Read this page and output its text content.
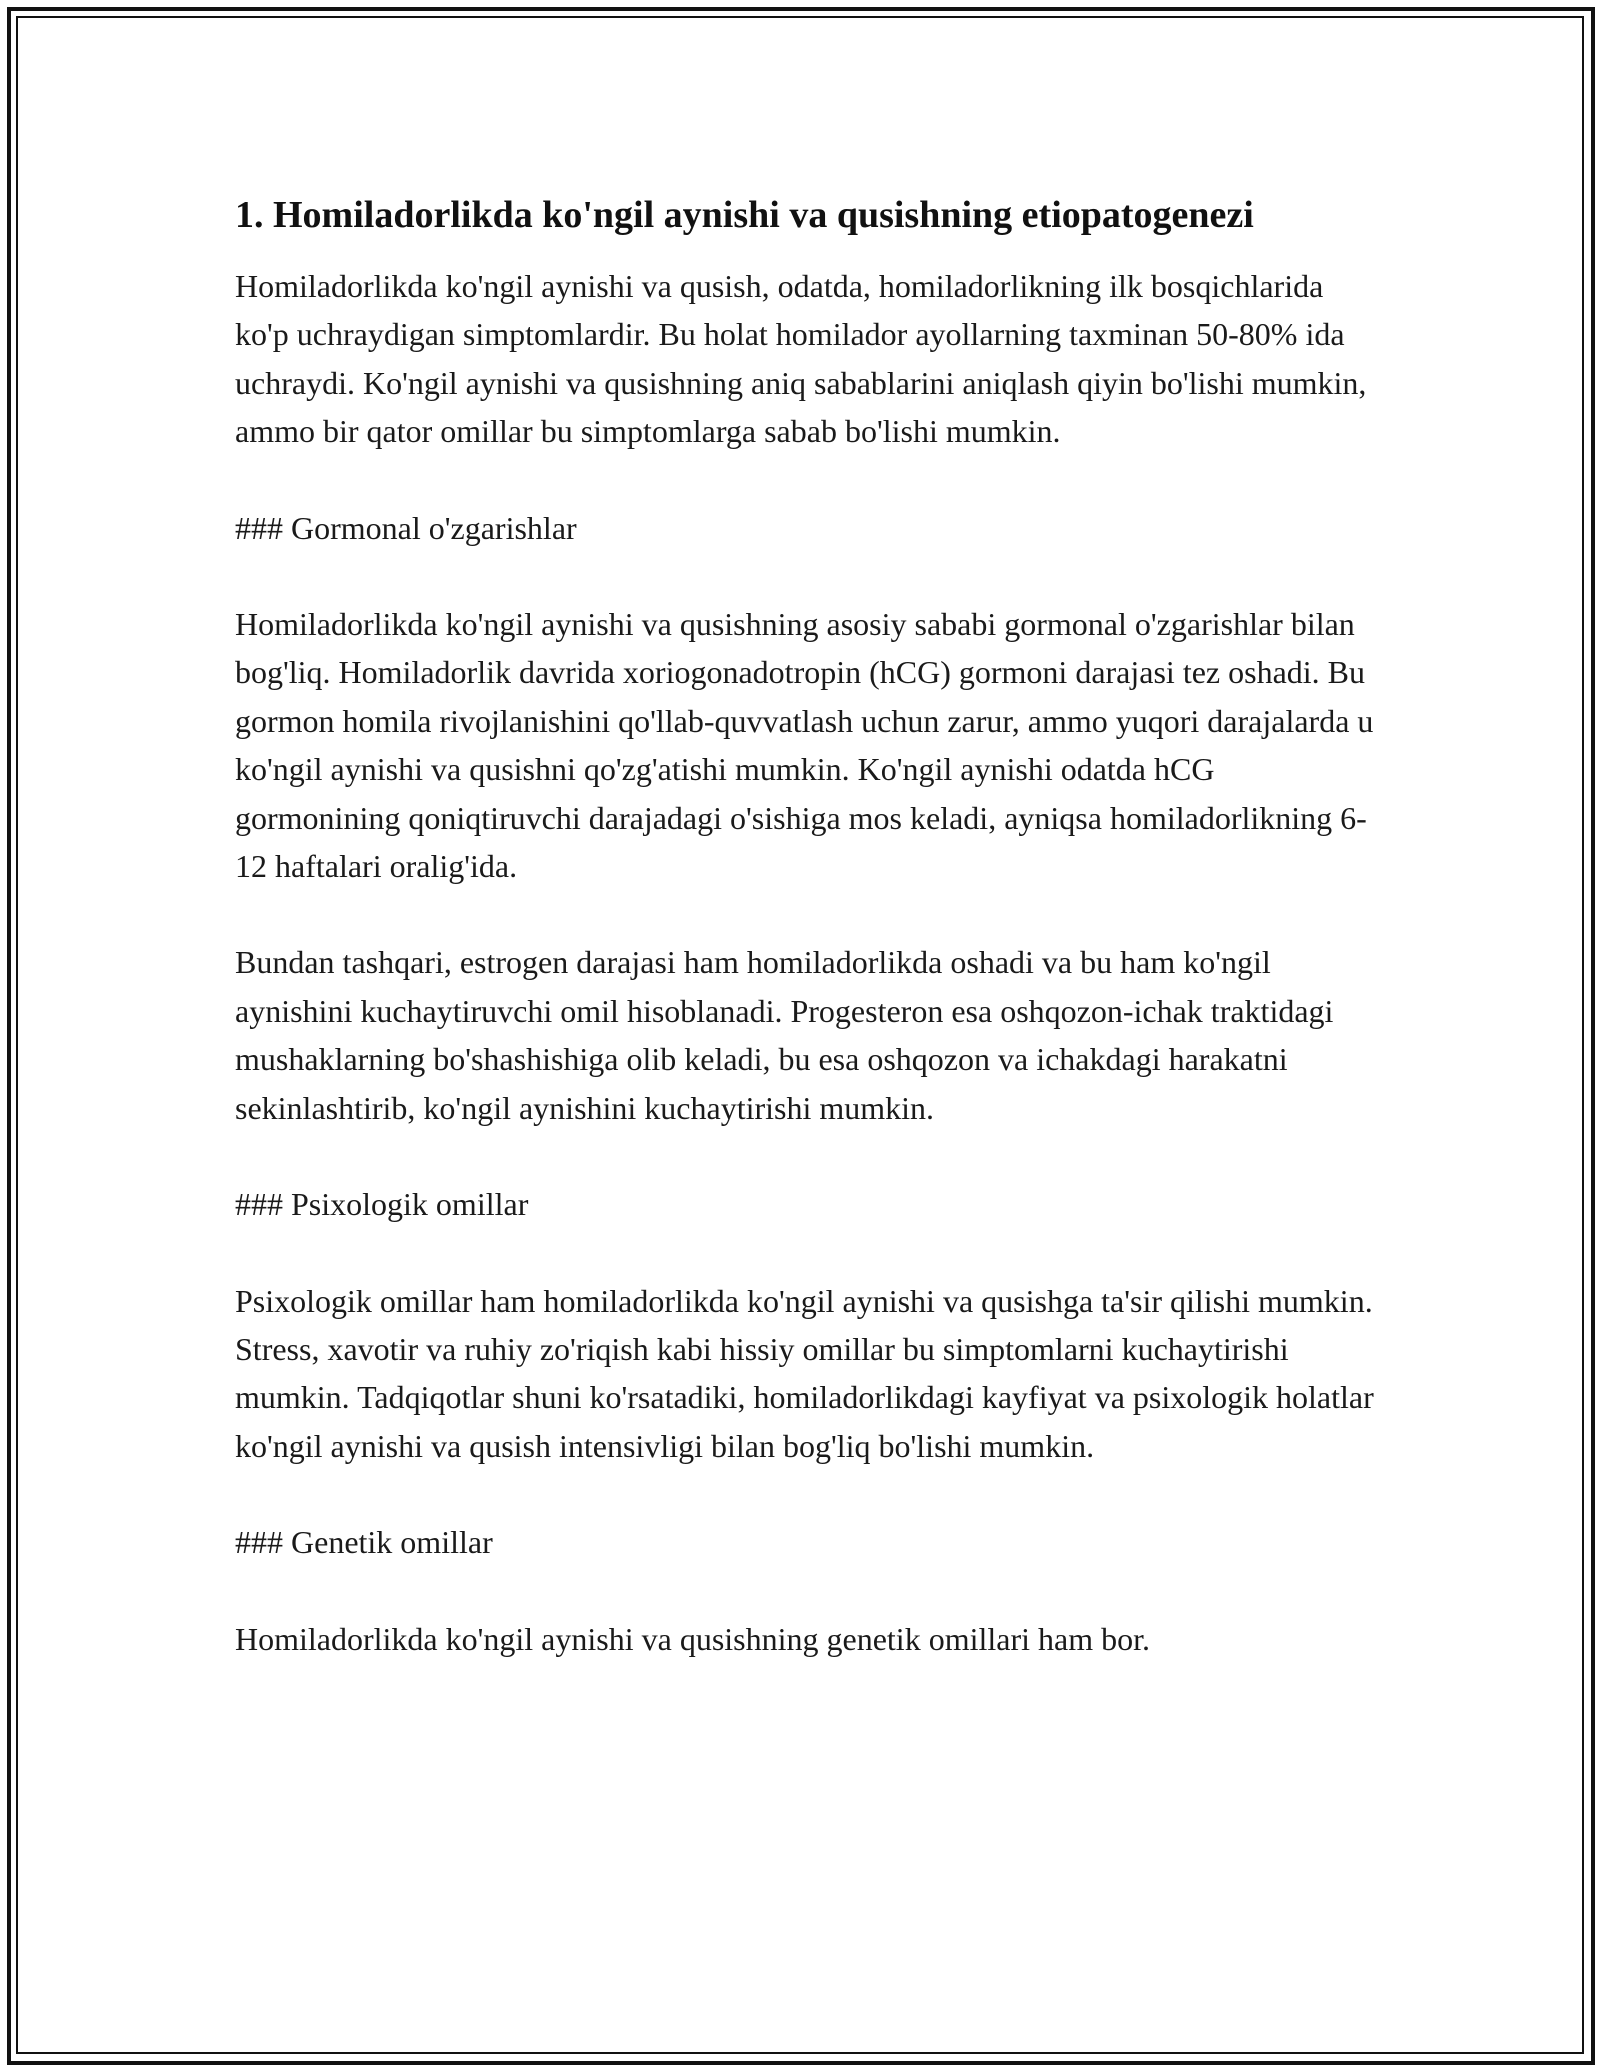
1. Homiladorlikda ko'ngil aynishi va qusishning etiopatogenezi

Homiladorlikda ko'ngil aynishi va qusish, odatda, homiladorlikning ilk bosqichlarida ko'p uchraydigan simptomlardir. Bu holat homilador ayollarning taxminan 50-80% ida uchraydi. Ko'ngil aynishi va qusishning aniq sabablarini aniqlash qiyin bo'lishi mumkin, ammo bir qator omillar bu simptomlarga sabab bo'lishi mumkin.

### Gormonal o'zgarishlar

Homiladorlikda ko'ngil aynishi va qusishning asosiy sababi gormonal o'zgarishlar bilan bog'liq. Homiladorlik davrida xoriogonadotropin (hCG) gormoni darajasi tez oshadi. Bu gormon homila rivojlanishini qo'llab-quvvatlash uchun zarur, ammo yuqori darajalarda u ko'ngil aynishi va qusishni qo'zg'atishi mumkin. Ko'ngil aynishi odatda hCG gormonining qoniqtiruvchi darajadagi o'sishiga mos keladi, ayniqsa homiladorlikning 6-12 haftalari oralig'ida.

Bundan tashqari, estrogen darajasi ham homiladorlikda oshadi va bu ham ko'ngil aynishini kuchaytiruvchi omil hisoblanadi. Progesteron esa oshqozon-ichak traktidagi mushaklarning bo'shashishiga olib keladi, bu esa oshqozon va ichakdagi harakatni sekinlashtirib, ko'ngil aynishini kuchaytirishi mumkin.

### Psixologik omillar

Psixologik omillar ham homiladorlikda ko'ngil aynishi va qusishga ta'sir qilishi mumkin. Stress, xavotir va ruhiy zo'riqish kabi hissiy omillar bu simptomlarni kuchaytirishi mumkin. Tadqiqotlar shuni ko'rsatadiki, homiladorlikdagi kayfiyat va psixologik holatlar ko'ngil aynishi va qusish intensivligi bilan bog'liq bo'lishi mumkin.

### Genetik omillar

Homiladorlikda ko'ngil aynishi va qusishning genetik omillari ham bor.
